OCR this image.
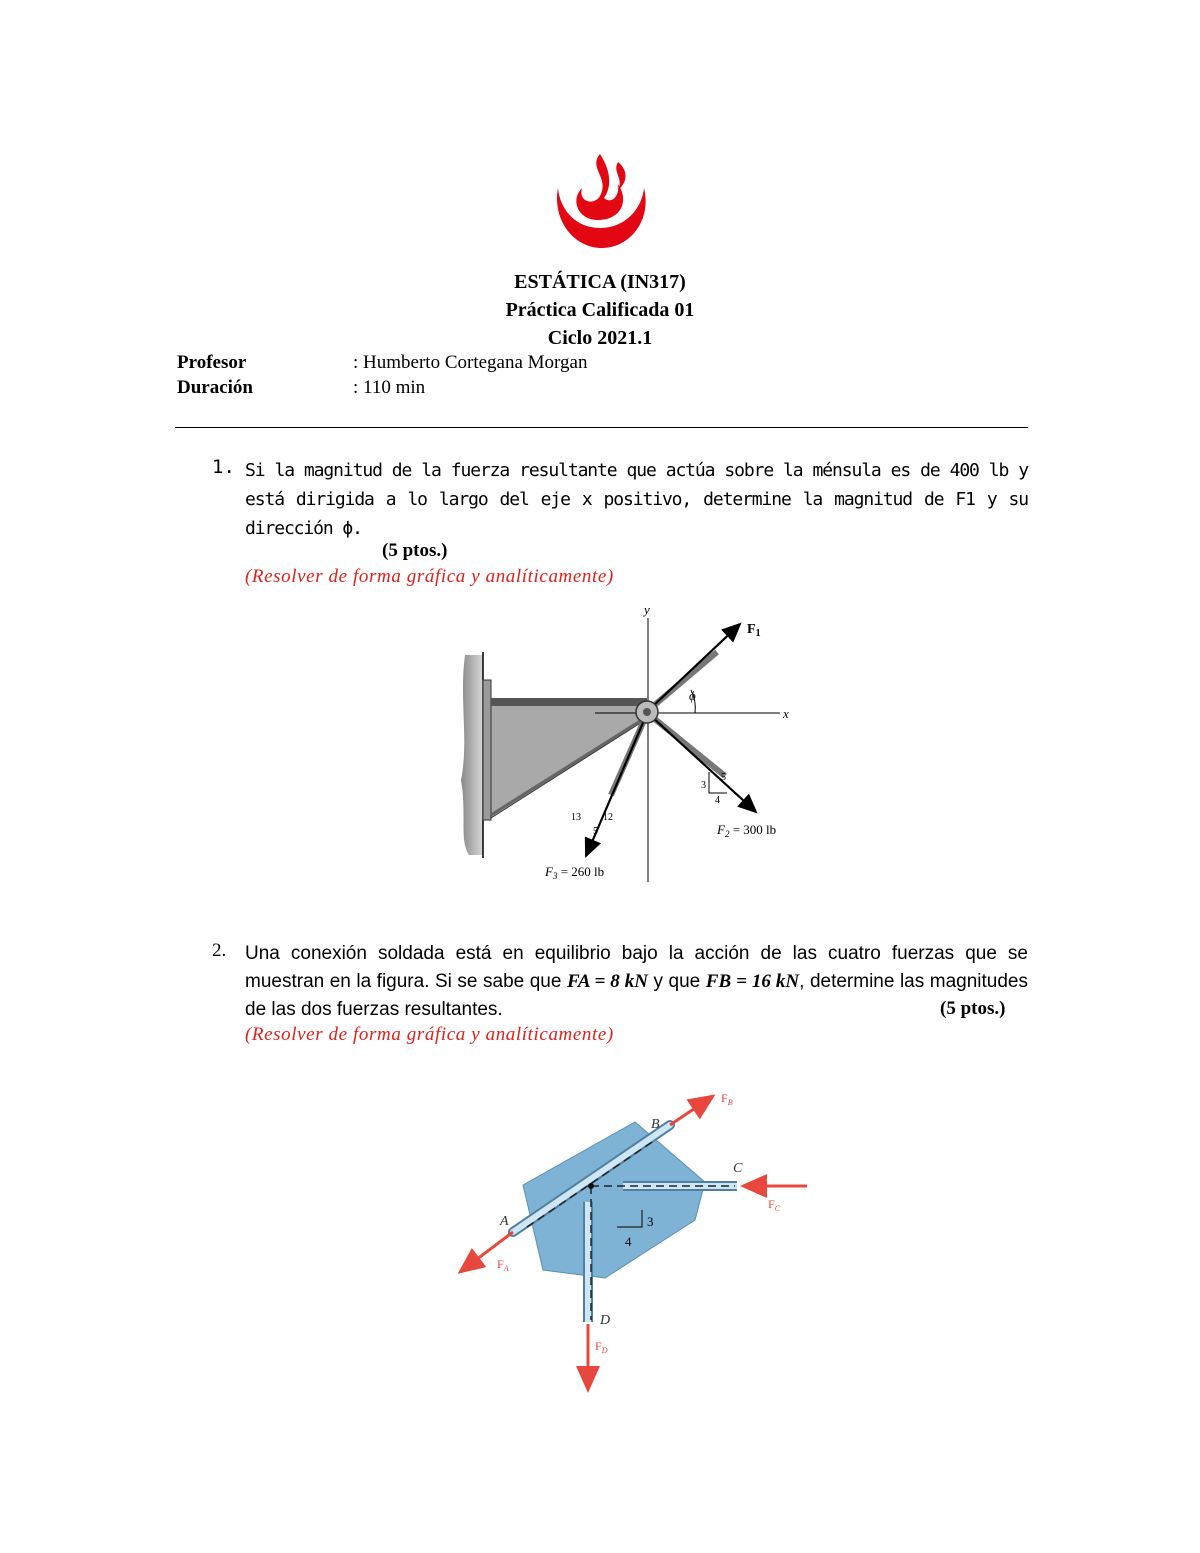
ESTÁTICA (IN317)
Práctica Calificada 01
Ciclo 2021.1
Profesor	: Humberto Cortegana Morgan
Duración	: 110 min
1. Si la magnitud de la fuerza resultante que actúa sobre la ménsula es de 400 lb y está dirigida a lo largo del eje x positivo, determine la magnitud de F1 y su dirección ϕ.
(5 ptos.)
(Resolver de forma gráfica y analíticamente)
y
x
$F_1$
ϕ
5
3
4
$F_2 = 300$ lb
13 12
5
$F_3 = 260$ lb
2. Una conexión soldada está en equilibrio bajo la acción de las cuatro fuerzas que se muestran en la figura. Si se sabe que FA = 8 kN y que FB = 16 kN, determine las magnitudes de las dos fuerzas resultantes.	(5 ptos.)
(Resolver de forma gráfica y analíticamente)
3
4
B
C
A
D
$F_B$
$F_C$
$F_A$
$F_D$
